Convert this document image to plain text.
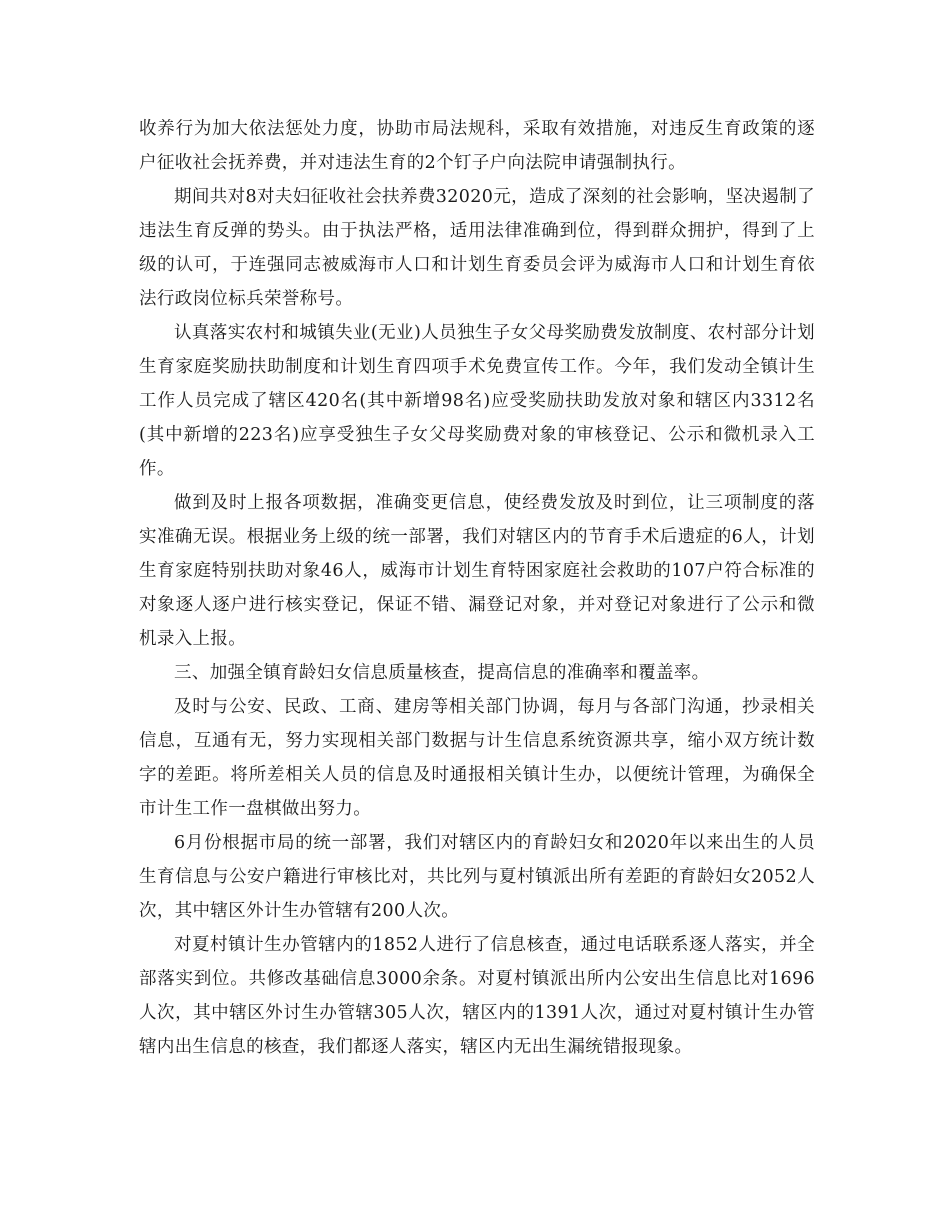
收养行为加大依法惩处力度，协助市局法规科，采取有效措施，对违反生育政策的逐户征收社会抚养费，并对违法生育的2个钉子户向法院申请强制执行。

期间共对8对夫妇征收社会扶养费32020元，造成了深刻的社会影响，坚决遏制了违法生育反弹的势头。由于执法严格，适用法律准确到位，得到群众拥护，得到了上级的认可，于连强同志被威海市人口和计划生育委员会评为威海市人口和计划生育依法行政岗位标兵荣誉称号。

认真落实农村和城镇失业(无业)人员独生子女父母奖励费发放制度、农村部分计划生育家庭奖励扶助制度和计划生育四项手术免费宣传工作。今年，我们发动全镇计生工作人员完成了辖区420名(其中新增98名)应受奖励扶助发放对象和辖区内3312名(其中新增的223名)应享受独生子女父母奖励费对象的审核登记、公示和微机录入工作。

做到及时上报各项数据，准确变更信息，使经费发放及时到位，让三项制度的落实准确无误。根据业务上级的统一部署，我们对辖区内的节育手术后遗症的6人，计划生育家庭特别扶助对象46人，威海市计划生育特困家庭社会救助的107户符合标准的对象逐人逐户进行核实登记，保证不错、漏登记对象，并对登记对象进行了公示和微机录入上报。

三、加强全镇育龄妇女信息质量核查，提高信息的准确率和覆盖率。

及时与公安、民政、工商、建房等相关部门协调，每月与各部门沟通，抄录相关信息，互通有无，努力实现相关部门数据与计生信息系统资源共享，缩小双方统计数字的差距。将所差相关人员的信息及时通报相关镇计生办，以便统计管理，为确保全市计生工作一盘棋做出努力。

6月份根据市局的统一部署，我们对辖区内的育龄妇女和2020年以来出生的人员生育信息与公安户籍进行审核比对，共比列与夏村镇派出所有差距的育龄妇女2052人次，其中辖区外计生办管辖有200人次。

对夏村镇计生办管辖内的1852人进行了信息核查，通过电话联系逐人落实，并全部落实到位。共修改基础信息3000余条。对夏村镇派出所内公安出生信息比对1696人次，其中辖区外讨生办管辖305人次，辖区内的1391人次，通过对夏村镇计生办管辖内出生信息的核查，我们都逐人落实，辖区内无出生漏统错报现象。
